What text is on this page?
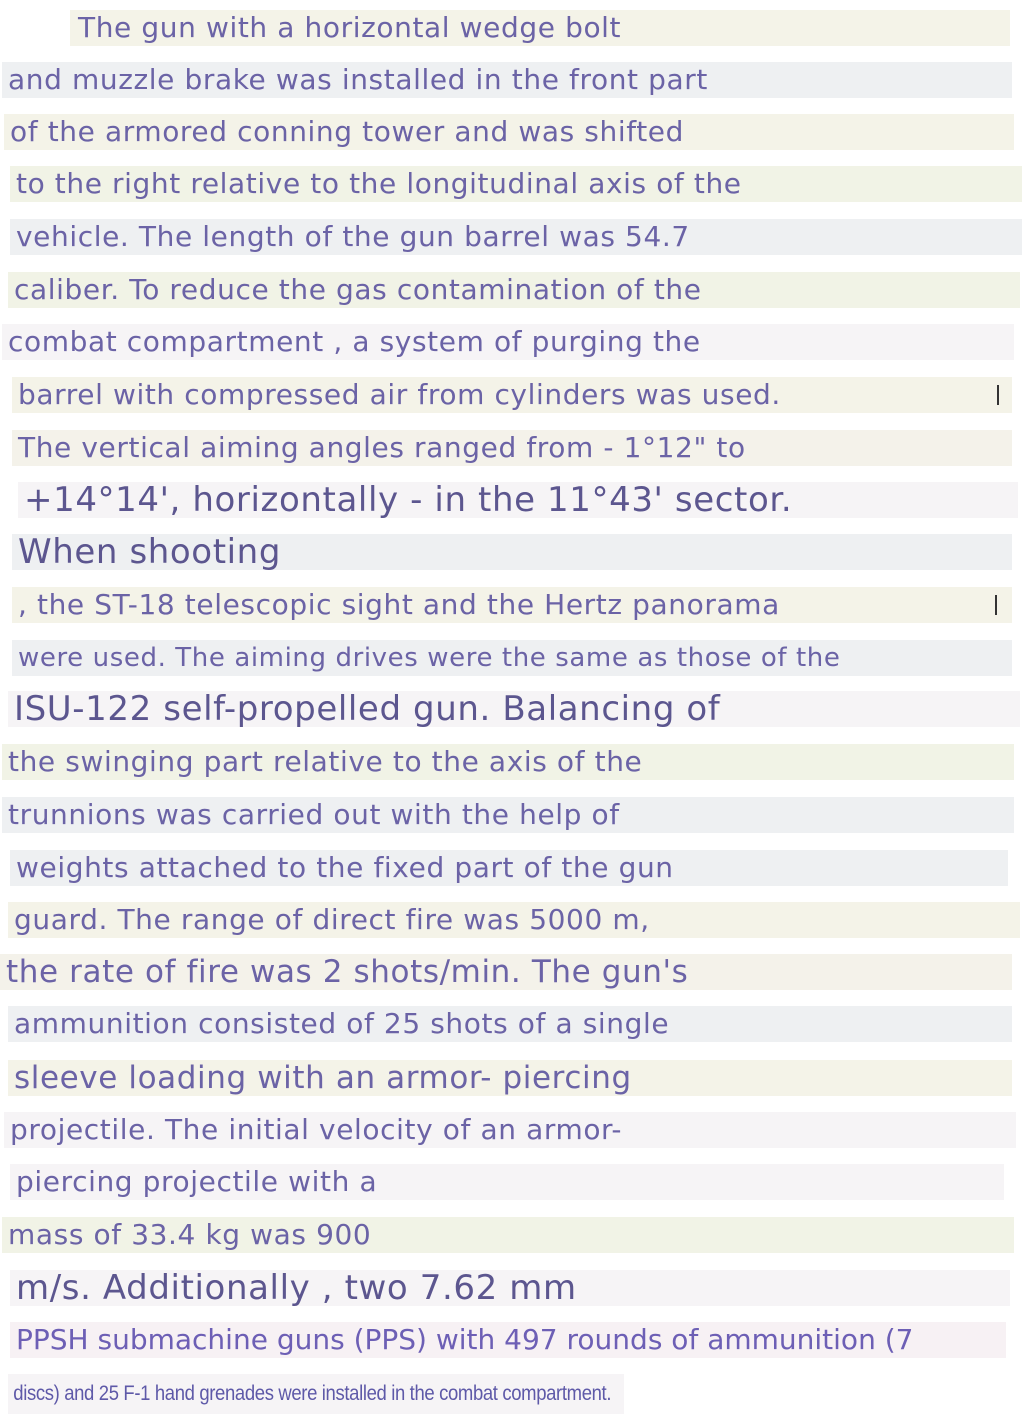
The gun with a horizontal wedge bolt
and muzzle brake was installed in the front part
of the armored conning tower and was shifted
to the right relative to the longitudinal axis of the
vehicle. The length of the gun barrel was 54.7
caliber. To reduce the gas contamination of the
combat compartment , a system of purging the
barrel with compressed air from cylinders was used.
The vertical aiming angles ranged from - 1°12" to
+14°14', horizontally - in the 11°43' sector.
When shooting
, the ST-18 telescopic sight and the Hertz panorama
were used. The aiming drives were the same as those of the
ISU-122 self-propelled gun. Balancing of
the swinging part relative to the axis of the
trunnions was carried out with the help of
weights attached to the fixed part of the gun
guard. The range of direct fire was 5000 m,
the rate of fire was 2 shots/min. The gun's
ammunition consisted of 25 shots of a single
sleeve loading with an armor- piercing
projectile. The initial velocity of an armor-
piercing projectile with a
mass of 33.4 kg was 900
m/s. Additionally , two 7.62 mm
PPSH submachine guns (PPS) with 497 rounds of ammunition (7
discs) and 25 F-1 hand grenades were installed in the combat compartment.
